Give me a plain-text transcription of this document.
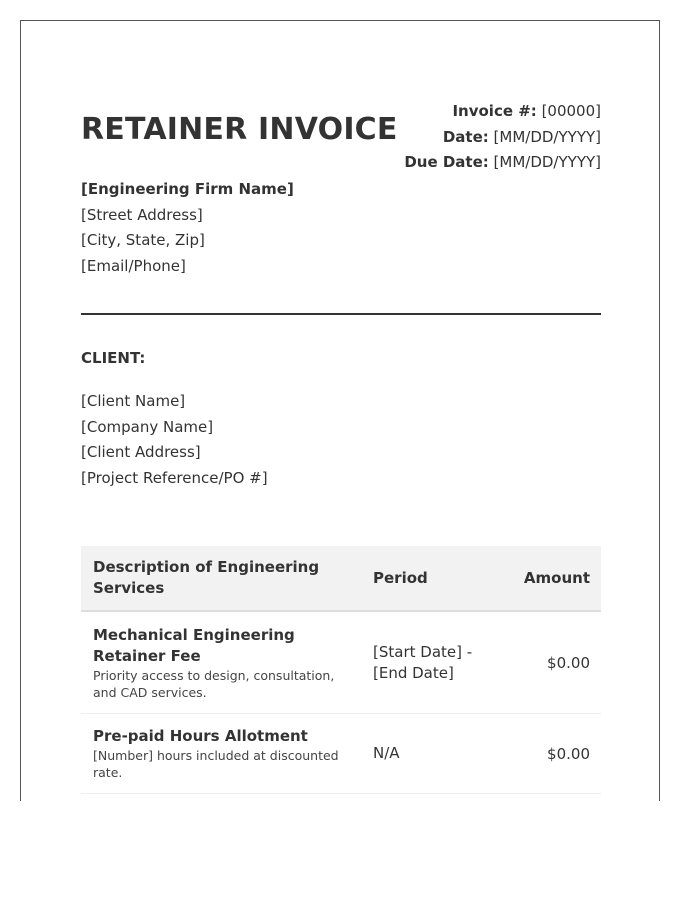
RETAINER INVOICE
Invoice #: [00000]
Date: [MM/DD/YYYY]
Due Date: [MM/DD/YYYY]
[Engineering Firm Name]
[Street Address]
[City, State, Zip]
[Email/Phone]
CLIENT:
[Client Name]
[Company Name]
[Client Address]
[Project Reference/PO #]
Description of Engineering Services
Period	Amount
Mechanical Engineering Retainer Fee
Priority access to design, consultation, and CAD services.
[Start Date] - [End Date]
$0.00
Pre-paid Hours Allotment
[Number] hours included at discounted rate.
N/A	$0.00
